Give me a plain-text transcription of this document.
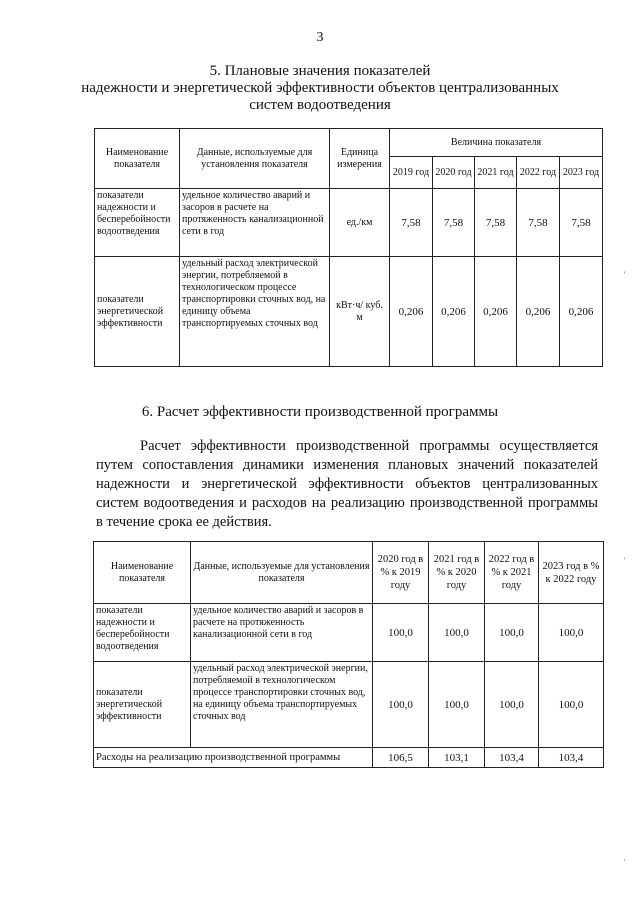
3
5. Плановые значения показателей
надежности и энергетической эффективности объектов централизованных
систем водоотведения
Наименование показателя	Данные, используемые для установления показателя	Единица измерения	Величина показателя				
			2019 год	2020 год	2021 год	2022 год	2023 год
показатели надежности и бесперебойности водоотведения	удельное количество аварий и засоров в расчете на протяженность канализационной сети в год	ед./км	7,58	7,58	7,58	7,58	7,58
показатели энергетической эффективности	удельный расход электрической энергии, потребляемой в технологическом процессе транспортировки сточных вод, на единицу объема транспортируемых сточных вод	кВт·ч/ куб. м	0,206	0,206	0,206	0,206	0,206
6. Расчет эффективности производственной программы
Расчет эффективности производственной программы осуществляется путем сопоставления динамики изменения плановых значений показателей надежности и энергетической эффективности объектов централизованных систем водоотведения и расходов на реализацию производственной программы в течение срока ее действия.
Наименование показателя	Данные, используемые для установления показателя	2020 год в % к 2019 году	2021 год в % к 2020 году	2022 год в % к 2021 году	2023 год в % к 2022 году
показатели надежности и бесперебойности водоотведения	удельное количество аварий и засоров в расчете на протяженность канализационной сети в год	100,0	100,0	100,0	100,0
показатели энергетической эффективности	удельный расход электрической энергии, потребляемой в технологическом процессе транспортировки сточных вод, на единицу объема транспортируемых сточных вод	100,0	100,0	100,0	100,0
Расходы на реализацию производственной программы		106,5	103,1	103,4	103,4
'
'
'
